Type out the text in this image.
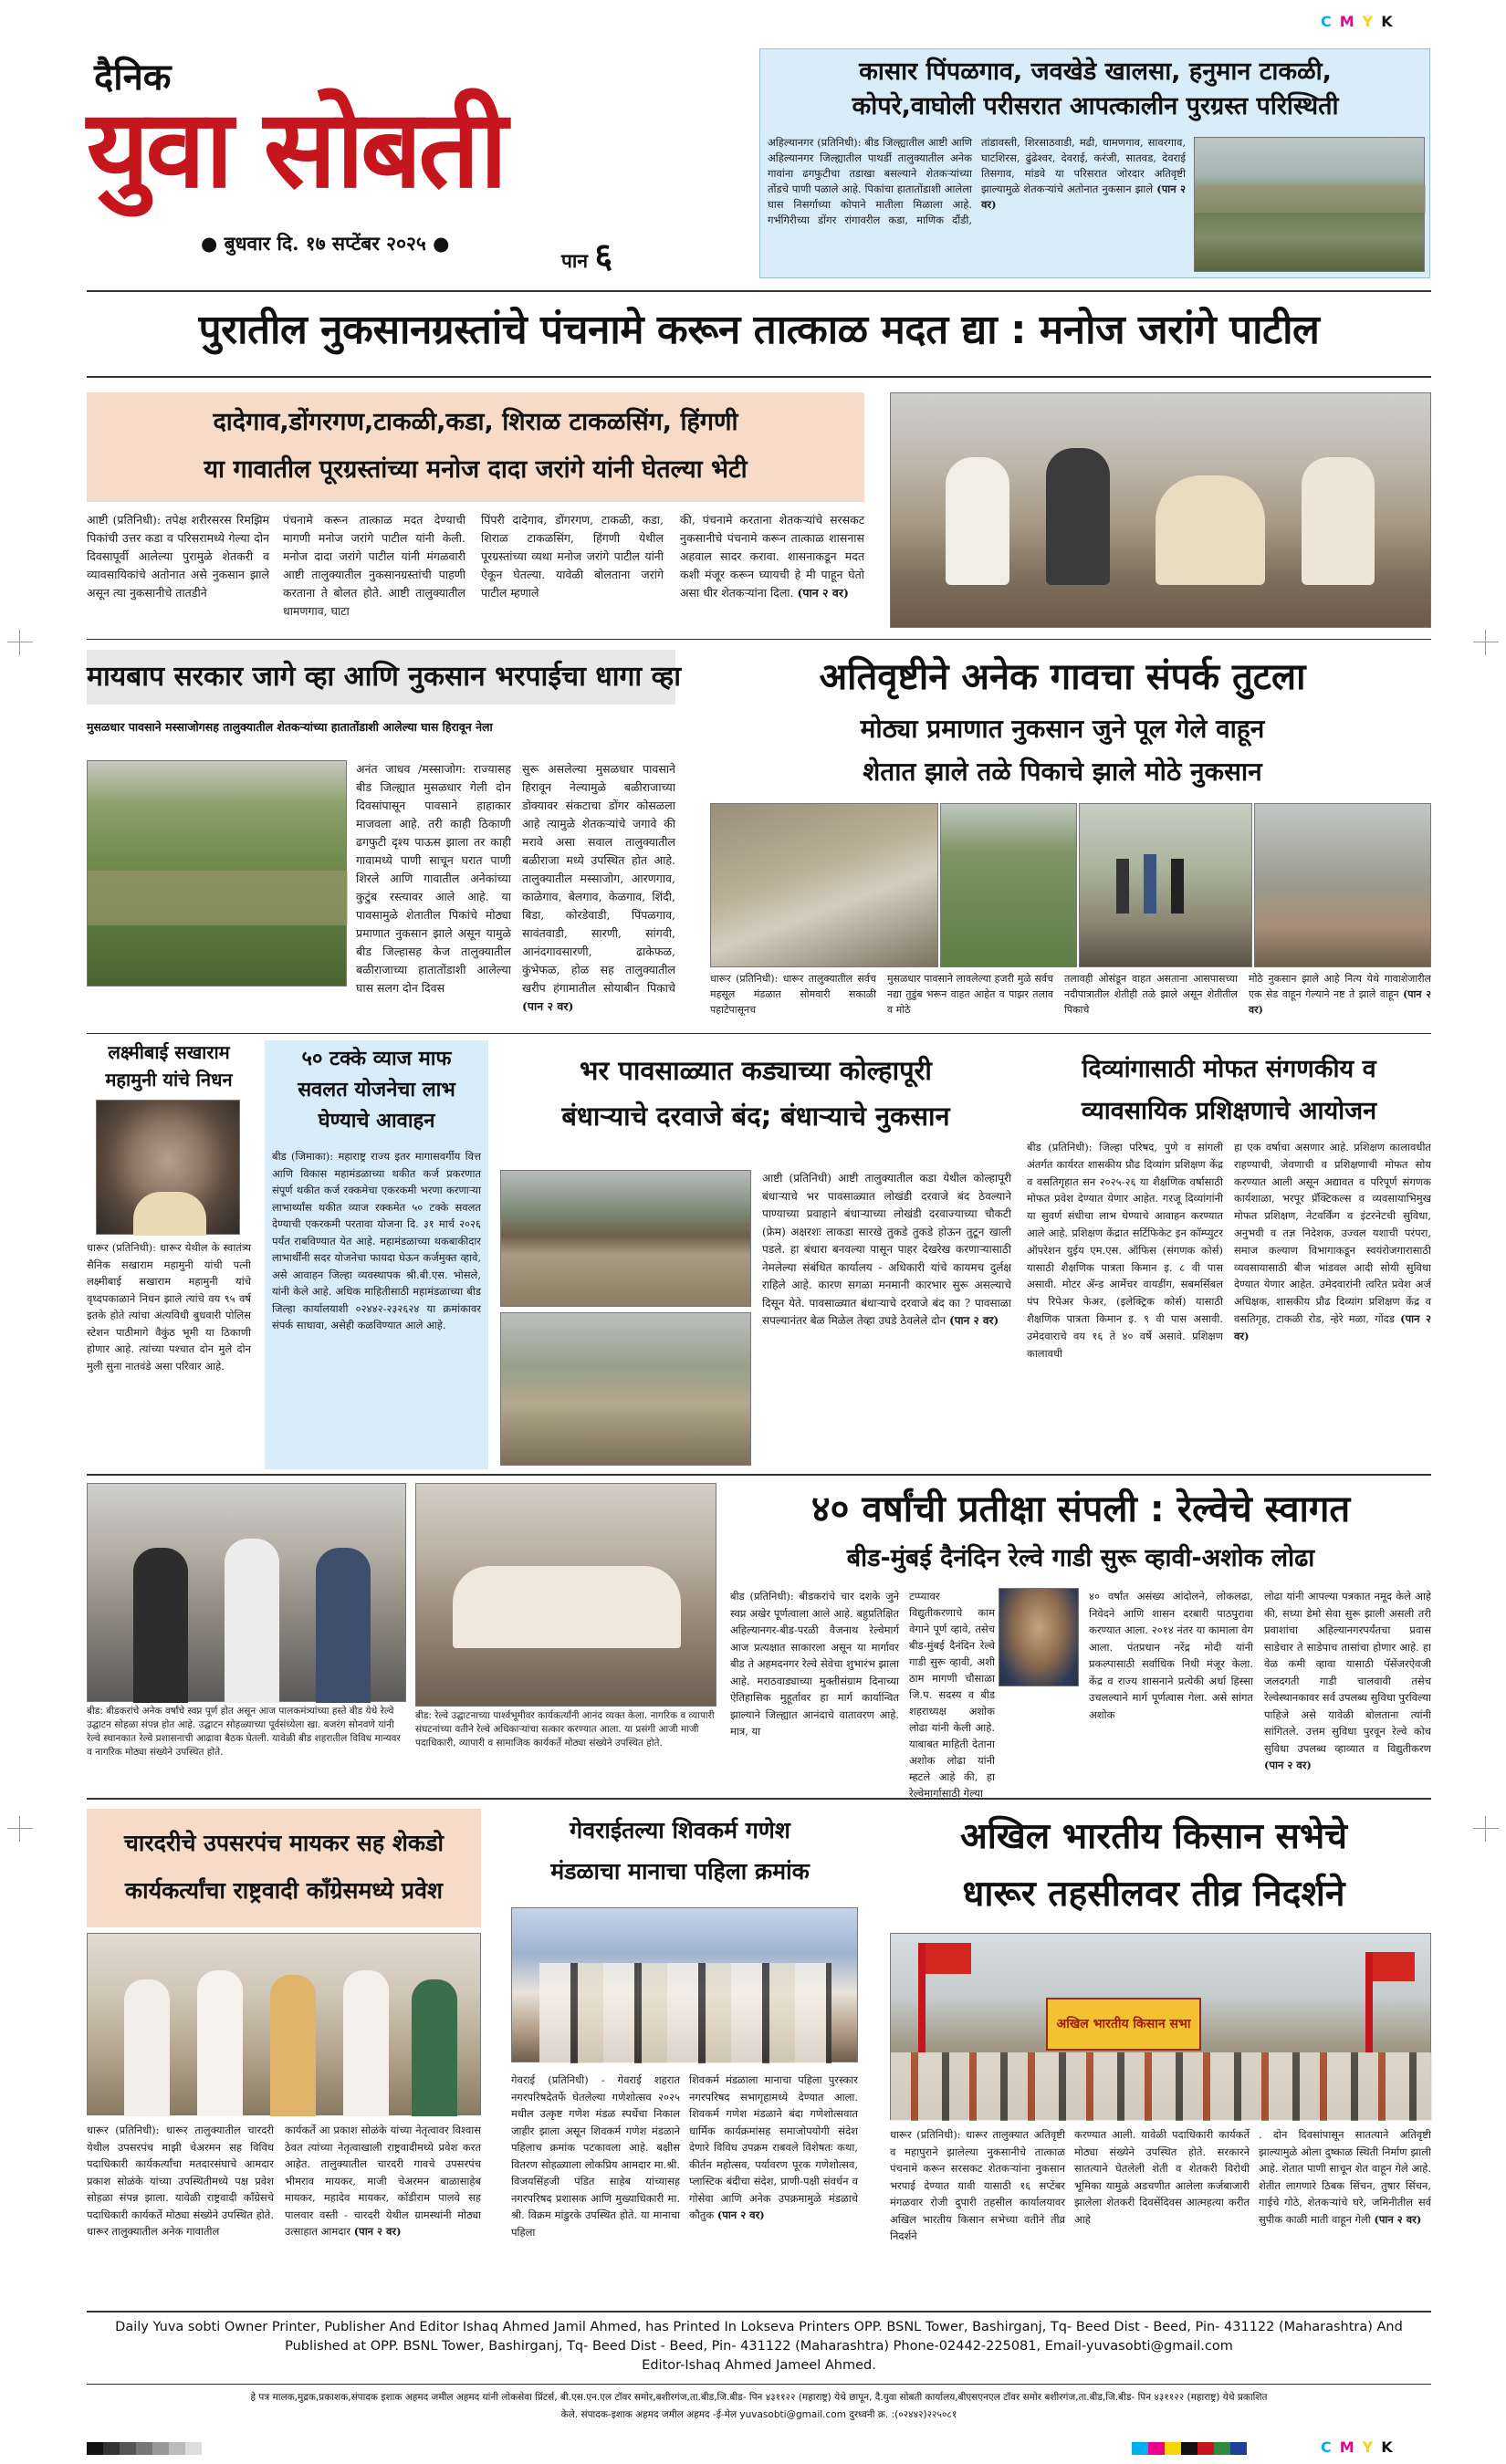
CMYK
CMYK
दैनिक
युवा सोबती
● बुधवार दि. १७ सप्टेंबर २०२५ ●
पान ६
कासार पिंपळगाव, जवखेडे खालसा, हनुमान टाकळी,
कोपरे,वाघोली परीसरात आपत्कालीन पुरग्रस्त परिस्थिती
अहिल्यानगर (प्रतिनिधी): बीड जिल्ह्यातील आष्टी आणि अहिल्यानगर जिल्ह्यातील पाथर्डी तालुक्यातील अनेक गावांना ढगफुटीचा तडाखा बसल्याने शेतकऱ्यांच्या तोंडचे पाणी पळाले आहे. पिकांचा हातातोंडाशी आलेला घास निसर्गाच्या कोपाने मातीला मिळाला आहे. गर्भगिरीच्या डोंगर रांगावरील कडा, माणिक दौंडी, तांडावस्ती, शिरसाठवाडी, मढी, धामणगाव, सावरगाव, घाटशिरस, ढुंढेश्वर, देवराई, करंजी, सातवड, देवराई तिसगाव, मांडवे या परिसरात जोरदार अतिवृष्टी झाल्यामुळे शेतकऱ्यांचे अतोनात नुकसान झाले (पान २ वर)
पुरातील नुकसानग्रस्तांचे पंचनामे करून तात्काळ मदत द्या : मनोज जरांगे पाटील
दादेगाव,डोंगरगण,टाकळी,कडा, शिराळ टाकळसिंग, हिंगणी
या गावातील पूरग्रस्तांच्या मनोज दादा जरांगे यांनी घेतल्या भेटी
आष्टी (प्रतिनिधी): तपेक्ष शरीरसरस रिमझिम पिकांची उत्तर कडा व परिसरामध्ये गेल्या दोन दिवसापूर्वी आलेल्या पुरामुळे शेतकरी व व्यावसायिकांचे अतोनात असे नुकसान झाले असून त्या नुकसानीचे तातडीने
पंचनामे करून तात्काळ मदत देण्याची मागणी मनोज जरांगे पाटील यांनी केली. मनोज दादा जरांगे पाटील यांनी मंगळवारी आष्टी तालुक्यातील नुकसानग्रस्तांची पाहणी करताना ते बोलत होते. आष्टी तालुक्यातील धामणगाव, घाटा
पिंपरी दादेगाव, डोंगरगण, टाकळी, कडा, शिराळ टाकळसिंग, हिंगणी येथील पूरग्रस्तांच्या व्यथा मनोज जरांगे पाटील यांनी ऐकून घेतल्या. यावेळी बोलताना जरांगे पाटील म्हणाले
की, पंचनामे करताना शेतकऱ्यांचे सरसकट नुकसानीचे पंचनामे करून तात्काळ शासनास अहवाल सादर करावा. शासनाकडून मदत कशी मंजूर करून घ्यायची हे मी पाहून घेतो असा धीर शेतकऱ्यांना दिला. (पान २ वर)
मायबाप सरकार जागे व्हा आणि नुकसान भरपाईचा धागा व्हा
मुसळधार पावसाने मस्साजोगसह तालुक्यातील शेतकऱ्यांच्या हातातोंडाशी आलेल्या घास हिरावून नेला
अनंत जाधव /मस्साजोग: राज्यासह बीड जिल्ह्यात मुसळधार गेली दोन दिवसांपासून पावसाने हाहाकार माजवला आहे. तरी काही ठिकाणी ढगफुटी दृश्य पाऊस झाला तर काही गावामध्ये पाणी साचून घरात पाणी शिरले आणि गावातील अनेकांच्या कुटुंब रस्त्यावर आले आहे. या पावसामुळे शेतातील पिकांचे मोठ्या प्रमाणात नुकसान झाले असून यामुळे बीड जिल्हासह केज तालुक्यातील बळीराजाच्या हातातोंडाशी आलेल्या घास सलग दोन दिवस
सुरू असलेल्या मुसळधार पावसाने हिरावून नेल्यामुळे बळीराजाच्या डोक्यावर संकटाचा डोंगर कोसळला आहे त्यामुळे शेतकऱ्यांचे जगावे की मरावे असा सवाल तालुक्यातील बळीराजा मध्ये उपस्थित होत आहे. तालुक्यातील मस्साजोग, आरणगाव, काळेगाव, बेलगाव, केळगाव, शिंदी, बिडा, कोरडेवाडी, पिंपळगाव, सावंतवाडी, सारणी, सांगवी, आनंदगावसारणी, ढाकेफळ, कुंभेफळ, होळ सह तालुक्यातील खरीप हंगामातील सोयाबीन पिकाचे (पान २ वर)
अतिवृष्टीने अनेक गावचा संपर्क तुटला
मोठ्या प्रमाणात नुकसान जुने पूल गेले वाहून
शेतात झाले तळे पिकाचे झाले मोठे नुकसान
धारूर (प्रतिनिधी): धारूर तालुक्यातील सर्वच महसूल मंडळात सोमवारी सकाळी पहाटेपासूनच
मुसळधार पावसाने लावलेल्या हजरी मुळे सर्वच नद्या तुडुंब भरून वाहत आहेत व पाझर तलाव व मोठे
तलावही ओसंडून वाहत असताना आसपासच्या नदीपात्रातील शेतीही तळे झाले असून शेतीतील पिकाचे
मोठे नुकसान झाले आहे नित्य येथे गावाशेजारील एक सेड वाहून गेल्याने नष्ट ते झाले वाहून (पान २ वर)
लक्ष्मीबाई सखाराम
महामुनी यांचे निधन
धारूर (प्रतिनिधी): धारूर येथील के स्वातंत्र्य सैनिक सखाराम महामुनी यांची पत्नी लक्ष्मीबाई सखाराम महामुनी यांचे वृध्दपकाळाने निधन झाले त्यांचे वय ९५ वर्ष इतके होते त्यांचा अंत्यविधी बुधवारी पोलिस स्टेशन पाठीमागे वैकुंठ भूमी या ठिकाणी होणार आहे. त्यांच्या पश्चात दोन मुले दोन मुली सुना नातवंडे असा परिवार आहे.
५० टक्के व्याज माफ
सवलत योजनेचा लाभ
घेण्याचे आवाहन
बीड (जिमाका): महाराष्ट्र राज्य इतर मागासवर्गीय वित्त आणि विकास महामंडळाच्या थकीत कर्ज प्रकरणात संपूर्ण थकीत कर्ज रक्कमेचा एकरकमी भरणा करणाऱ्या लाभार्थ्यांस थकीत व्याज रक्कमेत ५० टक्के सवलत देण्याची एकरकमी परतावा योजना दि. ३१ मार्च २०२६ पर्यंत राबविण्यात येत आहे. महामंडळाच्या थकबाकीदार लाभार्थींनी सदर योजनेचा फायदा घेऊन कर्जमुक्त व्हावे, असे आवाहन जिल्हा व्यवस्थापक श्री.बी.एस. भोसले, यांनी केले आहे. अधिक माहितीसाठी महामंडळाच्या बीड जिल्हा कार्यालयाशी ०२४४२-२३२६२४ या क्रमांकावर संपर्क साधावा, असेही कळविण्यात आले आहे.
भर पावसाळ्यात कड्याच्या कोल्हापूरी
बंधाऱ्याचे दरवाजे बंद; बंधाऱ्याचे नुकसान
आष्टी (प्रतिनिधी) आष्टी तालुक्यातील कडा येथील कोल्हापूरी बंधाऱ्याचे भर पावसाळ्यात लोखंडी दरवाजे बंद ठेवल्याने पाण्याच्या प्रवाहाने बंधाऱ्याच्या लोखंडी दरवाज्याच्या चौकटी (फ्रेम) अक्षरशः लाकडा सारखे तुकडे तुकडे होऊन तुटून खाली पडले. हा बंधारा बनवल्या पासून पाहर देखरेख करणाऱ्यासाठी नेमलेल्या संबंधित कार्यालय - अधिकारी यांचे कायमच दुर्लक्ष राहिले आहे. कारण सगळा मनमानी कारभार सुरू असल्याचे दिसून येते. पावसाळ्यात बंधाऱ्याचे दरवाजे बंद का ? पावसाळा सपल्यानंतर बेळ मिळेल तेव्हा उघडे ठेवलेले दोन (पान २ वर)
दिव्यांगासाठी मोफत संगणकीय व
व्यावसायिक प्रशिक्षणाचे आयोजन
बीड (प्रतिनिधी): जिल्हा परिषद, पुणे व सांगली अंतर्गत कार्यरत शासकीय प्रौढ दिव्यांग प्रशिक्षण केंद्र व वसतिगृहात सन २०२५-२६ या शैक्षणिक वर्षासाठी मोफत प्रवेश देण्यात येणार आहेत. गरजू दिव्यांगांनी या सुवर्ण संधीचा लाभ घेण्याचे आवाहन करण्यात आले आहे. प्रशिक्षण केंद्रात सर्टिफिकेट इन कॉम्प्युटर ऑपरेशन युईय एम.एस. ऑफिस (संगणक कोर्स) यासाठी शैक्षणिक पात्रता किमान इ. ८ वी पास असावी. मोटर ॲन्ड आर्मेचर वायडींग, सबमर्सिबल पंप रिपेअर फेअर, (इलेक्ट्रिक कोर्स) यासाठी शैक्षणिक पात्रता किमान इ. ९ वी पास असावी. उमेदवाराचे वय १६ ते ४० वर्षे असावे. प्रशिक्षण कालावधी
हा एक वर्षाचा असणार आहे. प्रशिक्षण कालावधीत राहण्याची, जेवणाची व प्रशिक्षणाची मोफत सोय करण्यात आली असून अद्यावत व परिपूर्ण संगणक कार्यशाळा, भरपूर प्रॅक्टिकल्स व व्यवसायाभिमुख मोफत प्रशिक्षण, नेटवर्किंग व इंटरनेटची सुविधा, अनुभवी व तज्ञ निदेशक, उज्वल यशाची परंपरा, समाज कल्याण विभागाकडून स्वयंरोजगारासाठी व्यवसायासाठी बीज भांडवल आदी सोयी सुविधा देण्यात येणार आहेत. उमेदवारांनी त्वरित प्रवेश अर्ज अधिक्षक, शासकीय प्रौढ दिव्यांग प्रशिक्षण केंद्र व वसतिगृह, टाकळी रोड, न्हेरे मळा, गोंदड (पान २ वर)
बीड: बीडकरांचे अनेक वर्षांचे स्वप्न पूर्ण होत असून आज पालकमंत्र्यांच्या हस्ते बीड येथे रेल्वे उद्घाटन सोहळा संपन्न होत आहे. उद्घाटन सोहळ्याच्या पूर्वसंध्येला खा. बजरंग सोनवणे यांनी रेल्वे स्थानकात रेल्वे प्रशासनाची आढावा बैठक घेतली. यावेळी बीड शहरातील विविध मान्यवर व नागरिक मोठ्या संख्येने उपस्थित होते.
बीड: रेल्वे उद्घाटनाच्या पार्श्वभूमीवर कार्यकर्त्यांनी आनंद व्यक्त केला. नागरिक व व्यापारी संघटनांच्या वतीने रेल्वे अधिकाऱ्यांचा सत्कार करण्यात आला. या प्रसंगी आजी माजी पदाधिकारी, व्यापारी व सामाजिक कार्यकर्ते मोठ्या संख्येने उपस्थित होते.
४० वर्षांची प्रतीक्षा संपली : रेल्वेचे स्वागत
बीड-मुंबई दैनंदिन रेल्वे गाडी सुरू व्हावी-अशोक लोढा
बीड (प्रतिनिधी): बीडकरांचे चार दशके जुने स्वप्न अखेर पूर्णत्वाला आले आहे. बहुप्रतिक्षित अहिल्यानगर-बीड-परळी वैजनाथ रेल्वेमार्ग आज प्रत्यक्षात साकारला असून या मार्गावर बीड ते अहमदनगर रेल्वे सेवेचा शुभारंभ झाला आहे. मराठवाड्याच्या मुक्तीसंग्राम दिनाच्या ऐतिहासिक मुहूर्तावर हा मार्ग कार्यान्वित झाल्याने जिल्ह्यात आनंदाचे वातावरण आहे. मात्र, या
टप्प्यावर विद्युतीकरणाचे काम वेगाने पूर्ण व्हावे, तसेच बीड-मुंबई दैनंदिन रेल्वे गाडी सुरू व्हावी, अशी ठाम मागणी चौसाळा जि.प. सदस्य व बीड शहराध्यक्ष अशोक लोढा यांनी केली आहे. याबाबत माहिती देताना अशोक लोढा यांनी म्हटले आहे की, हा रेल्वेमार्गासाठी गेल्या
४० वर्षांत असंख्य आंदोलने, लोकलढा, निवेदने आणि शासन दरबारी पाठपुरावा करण्यात आला. २०१४ नंतर या कामाला वेग आला. पंतप्रधान नरेंद्र मोदी यांनी प्रकल्पासाठी सर्वाधिक निधी मंजूर केला. केंद्र व राज्य शासनाने प्रत्येकी अर्धा हिस्सा उचलल्याने मार्ग पूर्णत्वास गेला. असे सांगत अशोक
लोढा यांनी आपल्या पत्रकात नमूद केले आहे की, सध्या डेमो सेवा सुरू झाली असली तरी प्रवाशांचा अहिल्यानगरपर्यंतचा प्रवास साडेचार ते साडेपाच तासांचा होणार आहे. हा वेळ कमी व्हावा यासाठी पॅसेंजरऐवजी जलदगती गाडी चालवावी तसेच रेल्वेस्थानकावर सर्व उपलब्ध सुविधा पुरविल्या पाहिजे असे यावेळी बोलताना त्यांनी सांगितले. उत्तम सुविधा पुरवून रेल्वे कोच सुविधा उपलब्ध व्हाव्यात व विद्युतीकरण (पान २ वर)
चारदरीचे उपसरपंच मायकर सह शेकडो
कार्यकर्त्यांचा राष्ट्रवादी काँग्रेसमध्ये प्रवेश
धारूर (प्रतिनिधी): धारूर तालुक्यातील चारदरी येथील उपसरपंच माझी चेअरमन सह विविध पदाधिकारी कार्यकर्त्यांचा मतदारसंघाचे आमदार प्रकाश सोळंके यांच्या उपस्थितीमध्ये पक्ष प्रवेश सोहळा संपन्न झाला. यावेळी राष्ट्रवादी काँग्रेसचे पदाधिकारी कार्यकर्ते मोठ्या संख्येने उपस्थित होते. धारूर तालुक्यातील अनेक गावातील
कार्यकर्ते आ प्रकाश सोळंके यांच्या नेतृत्वावर विश्वास ठेवत त्यांच्या नेतृत्वाखाली राष्ट्रवादीमध्ये प्रवेश करत आहेत. तालुक्यातील चारदरी गावचे उपसरपंच भीमराव मायकर, माजी चेअरमन बाळासाहेब मायकर, महादेव मायकर, कोंडीराम पालवे सह पालवार वस्ती - चारदरी येथील ग्रामस्थांनी मोठ्या उत्साहात आमदार (पान २ वर)
गेवराईतल्या शिवकर्म गणेश
मंडळाचा मानाचा पहिला क्रमांक
गेवराई (प्रतिनिधी) - गेवराई शहरात नगरपरिषदेतर्फे घेतलेल्या गणेशोत्सव २०२५ मधील उत्कृष्ट गणेश मंडळ स्पर्धेचा निकाल जाहीर झाला असून शिवकर्म गणेश मंडळाने पहिलाच क्रमांक पटकावला आहे. बक्षीस वितरण सोहळ्याला लोकप्रिय आमदार मा.श्री. विजयसिंहजी पंडित साहेब यांच्यासह नगरपरिषद प्रशासक आणि मुख्याधिकारी मा. श्री. विक्रम मांडुरके उपस्थित होते. या मानाचा पहिला
शिवकर्म मंडळाला मानाचा पहिला पुरस्कार नगरपरिषद सभागृहामध्ये देण्यात आला. शिवकर्म गणेश मंडळाने बंदा गणेशोत्सवात धार्मिक कार्यक्रमांसह समाजोपयोगी संदेश देणारे विविध उपक्रम राबवले विशेषतः कथा, कीर्तन महोत्सव, पर्यावरण पूरक गणेशोत्सव, प्लास्टिक बंदीचा संदेश, प्राणी-पक्षी संवर्धन व गोसेवा आणि अनेक उपक्रमामुळे मंडळाचे कौतुक (पान २ वर)
अखिल भारतीय किसान सभेचे
धारूर तहसीलवर तीव्र निदर्शने
अखिल भारतीय किसान सभा
धारूर (प्रतिनिधी): धारूर तालुक्यात अतिवृष्टी व महापुराने झालेल्या नुकसानीचे तात्काळ पंचनामे करून सरसकट शेतकऱ्यांना नुकसान भरपाई देण्यात यावी यासाठी १६ सप्टेंबर मंगळवार रोजी दुपारी तहसील कार्यालयावर अखिल भारतीय किसान सभेच्या वतीने तीव्र निदर्शने
करण्यात आली. यावेळी पदाधिकारी कार्यकर्ते मोठ्या संख्येने उपस्थित होते. सरकारने सातत्याने घेतलेली शेती व शेतकरी विरोधी भूमिका यामुळे अडचणीत आलेला कर्जबाजारी झालेला शेतकरी दिवसेंदिवस आत्महत्या करीत आहे
. दोन दिवसांपासून सातत्याने अतिवृष्टी झाल्यामुळे ओला दुष्काळ स्थिती निर्माण झाली आहे. शेतात पाणी साचून शेत वाहून गेले आहे. शेतीत लागणारे ठिबक सिंचन, तुषार सिंचन, गाईचे गोठे, शेतकऱ्यांचे घरे, जमिनीतील सर्व सुपीक काळी माती वाहून गेली (पान २ वर)
Daily Yuva sobti Owner Printer, Publisher And Editor Ishaq Ahmed Jamil Ahmed, has Printed In Lokseva Printers OPP. BSNL Tower, Bashirganj, Tq- Beed Dist - Beed, Pin- 431122 (Maharashtra) And Published at OPP. BSNL Tower, Bashirganj, Tq- Beed Dist - Beed, Pin- 431122 (Maharashtra) Phone-02442-225081, Email-yuvasobti@gmail.com
Editor-Ishaq Ahmed Jameel Ahmed.
हे पत्र मालक,मुद्रक,प्रकाशक,संपादक इशाक अहमद जमील अहमद यांनी लोकसेवा प्रिंटर्स, बी.एस.एन.एल टॉवर समोर,बशीरगंज,ता.बीड,जि.बीड- पिन ४३११२२ (महाराष्ट्र) येथे छापून, दै.युवा सोबती कार्यालय,बीएसएनएल टॉवर समोर बशीरगंज,ता.बीड,जि.बीड- पिन ४३११२२ (महाराष्ट्र) येथे प्रकाशित
केले. संपादक-इशाक अहमद जमील अहमद -ई-मेल yuvasobti@gmail.com दुरध्वनी क्र. :(०२४४२)२२५०८१
